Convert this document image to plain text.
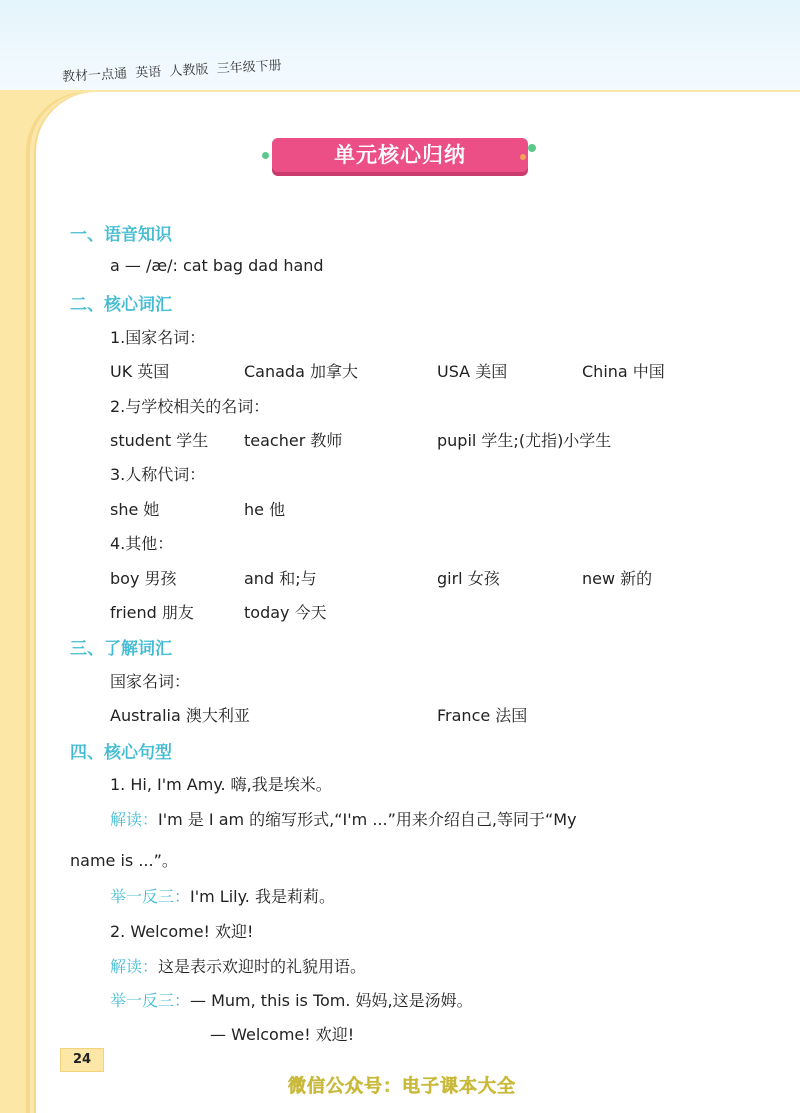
教材一点通  英语  人教版  三年级下册
单元核心归纳
一、语音知识
a — /æ/: cat bag dad hand
二、核心词汇
1.国家名词：
UK 英国	Canada 加拿大	USA 美国	China 中国
2.与学校相关的名词：
student 学生 teacher 教师	pupil 学生;(尤指)小学生
3.人称代词：
she 她	he 他
4.其他：
boy 男孩	and 和;与	girl 女孩	new 新的
friend 朋友	today 今天
三、了解词汇
国家名词：
Australia 澳大利亚	France 法国
四、核心句型
1. Hi, I'm Amy. 嗨,我是埃米。
解读：I'm 是 I am 的缩写形式,“I'm ...”用来介绍自己,等同于“My
name is ...”。
举一反三：I'm Lily. 我是莉莉。
2. Welcome! 欢迎!
解读：这是表示欢迎时的礼貌用语。
举一反三：— Mum, this is Tom. 妈妈,这是汤姆。
— Welcome! 欢迎!
24
微信公众号：电子课本大全
